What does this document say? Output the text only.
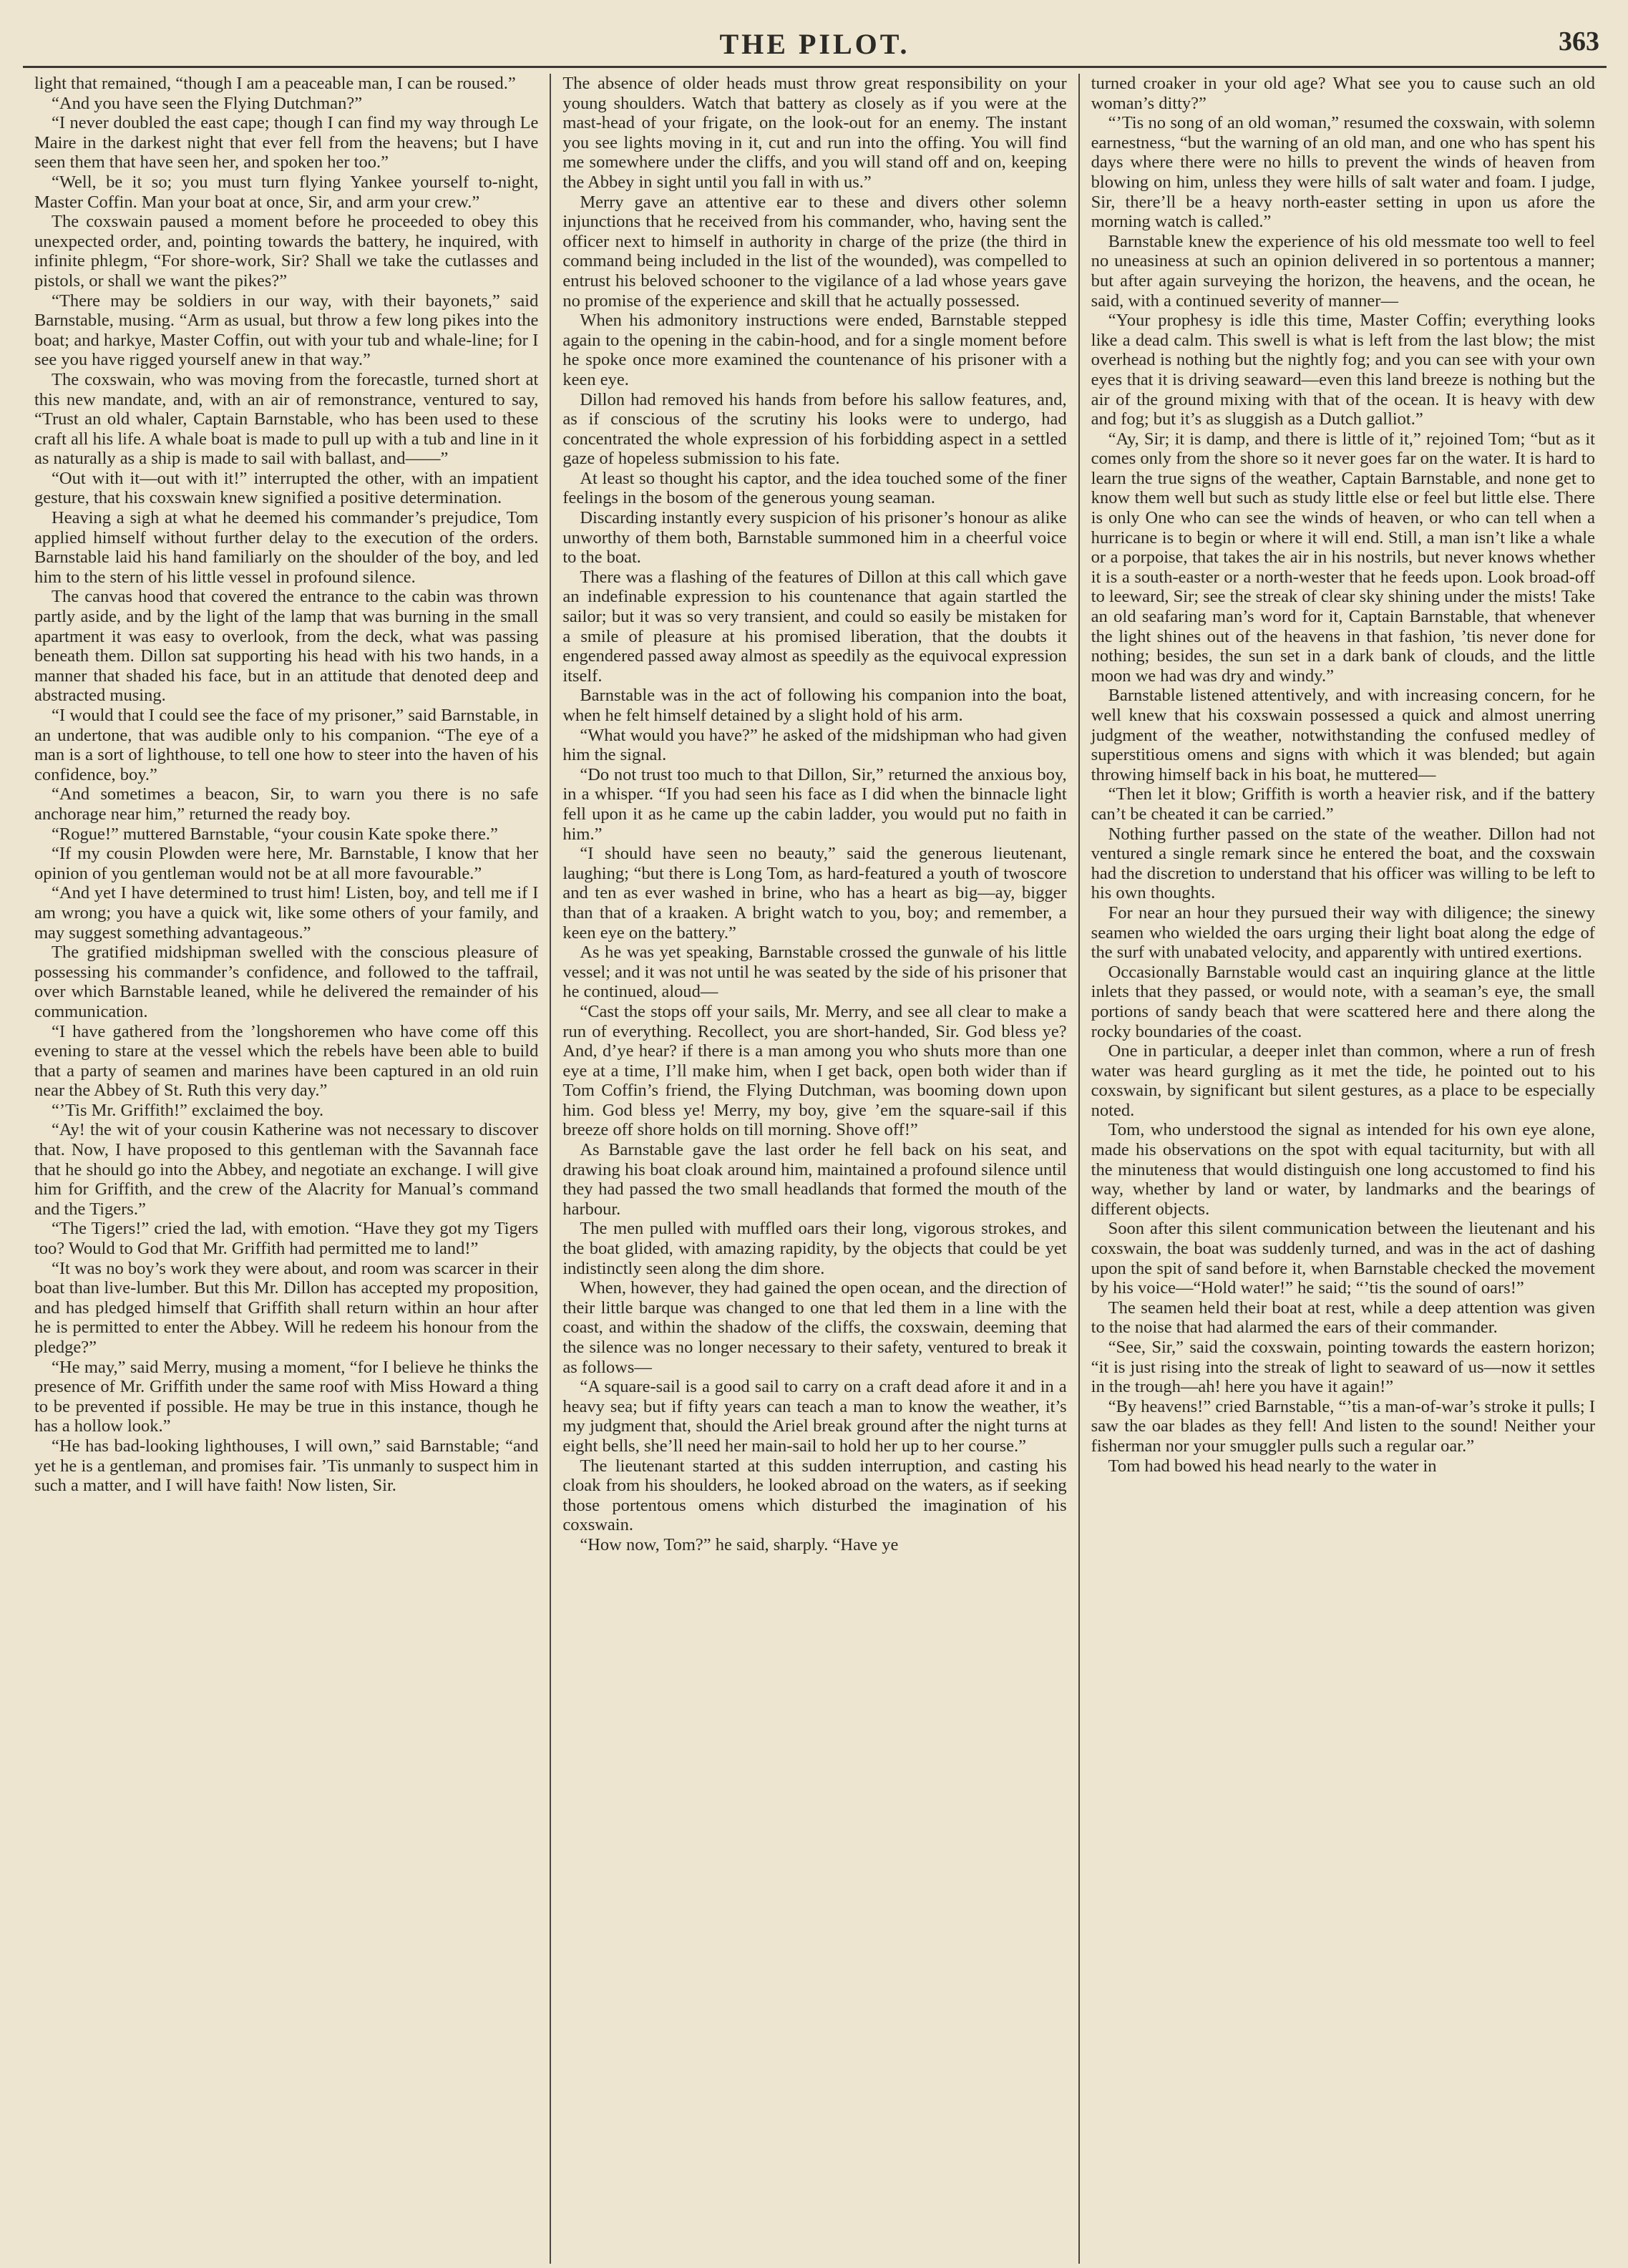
THE PILOT.	363

light that remained, “though I am a peaceable man, I can be roused.”

“And you have seen the Flying Dutchman?”

“I never doubled the east cape; though I can find my way through Le Maire in the darkest night that ever fell from the heavens; but I have seen them that have seen her, and spoken her too.”

“Well, be it so; you must turn flying Yankee yourself to-night, Master Coffin. Man your boat at once, Sir, and arm your crew.”

The coxswain paused a moment before he proceeded to obey this unexpected order, and, pointing towards the battery, he inquired, with infinite phlegm, “For shore-work, Sir? Shall we take the cutlasses and pistols, or shall we want the pikes?”

“There may be soldiers in our way, with their bayonets,” said Barnstable, musing. “Arm as usual, but throw a few long pikes into the boat; and harkye, Master Coffin, out with your tub and whale-line; for I see you have rigged yourself anew in that way.”

The coxswain, who was moving from the forecastle, turned short at this new mandate, and, with an air of remonstrance, ventured to say, “Trust an old whaler, Captain Barnstable, who has been used to these craft all his life. A whale boat is made to pull up with a tub and line in it as naturally as a ship is made to sail with ballast, and——”

“Out with it—out with it!” interrupted the other, with an impatient gesture, that his coxswain knew signified a positive determination.

Heaving a sigh at what he deemed his commander’s prejudice, Tom applied himself without further delay to the execution of the orders. Barnstable laid his hand familiarly on the shoulder of the boy, and led him to the stern of his little vessel in profound silence.

The canvas hood that covered the entrance to the cabin was thrown partly aside, and by the light of the lamp that was burning in the small apartment it was easy to overlook, from the deck, what was passing beneath them. Dillon sat supporting his head with his two hands, in a manner that shaded his face, but in an attitude that denoted deep and abstracted musing.

“I would that I could see the face of my prisoner,” said Barnstable, in an undertone, that was audible only to his companion. “The eye of a man is a sort of lighthouse, to tell one how to steer into the haven of his confidence, boy.”

“And sometimes a beacon, Sir, to warn you there is no safe anchorage near him,” returned the ready boy.

“Rogue!” muttered Barnstable, “your cousin Kate spoke there.”

“If my cousin Plowden were here, Mr. Barnstable, I know that her opinion of you gentleman would not be at all more favourable.”

“And yet I have determined to trust him! Listen, boy, and tell me if I am wrong; you have a quick wit, like some others of your family, and may suggest something advantageous.”

The gratified midshipman swelled with the conscious pleasure of possessing his commander’s confidence, and followed to the taffrail, over which Barnstable leaned, while he delivered the remainder of his communication.

“I have gathered from the ’longshoremen who have come off this evening to stare at the vessel which the rebels have been able to build that a party of seamen and marines have been captured in an old ruin near the Abbey of St. Ruth this very day.”

“’Tis Mr. Griffith!” exclaimed the boy.

“Ay! the wit of your cousin Katherine was not necessary to discover that. Now, I have proposed to this gentleman with the Savannah face that he should go into the Abbey, and negotiate an exchange. I will give him for Griffith, and the crew of the Alacrity for Manual’s command and the Tigers.”

“The Tigers!” cried the lad, with emotion. “Have they got my Tigers too? Would to God that Mr. Griffith had permitted me to land!”

“It was no boy’s work they were about, and room was scarcer in their boat than live-lumber. But this Mr. Dillon has accepted my proposition, and has pledged himself that Griffith shall return within an hour after he is permitted to enter the Abbey. Will he redeem his honour from the pledge?”

“He may,” said Merry, musing a moment, “for I believe he thinks the presence of Mr. Griffith under the same roof with Miss Howard a thing to be prevented if possible. He may be true in this instance, though he has a hollow look.”

“He has bad-looking lighthouses, I will own,” said Barnstable; “and yet he is a gentleman, and promises fair. ’Tis unmanly to suspect him in such a matter, and I will have faith! Now listen, Sir.

The absence of older heads must throw great responsibility on your young shoulders. Watch that battery as closely as if you were at the mast-head of your frigate, on the look-out for an enemy. The instant you see lights moving in it, cut and run into the offing. You will find me somewhere under the cliffs, and you will stand off and on, keeping the Abbey in sight until you fall in with us.”

Merry gave an attentive ear to these and divers other solemn injunctions that he received from his commander, who, having sent the officer next to himself in authority in charge of the prize (the third in command being included in the list of the wounded), was compelled to entrust his beloved schooner to the vigilance of a lad whose years gave no promise of the experience and skill that he actually possessed.

When his admonitory instructions were ended, Barnstable stepped again to the opening in the cabin-hood, and for a single moment before he spoke once more examined the countenance of his prisoner with a keen eye.

Dillon had removed his hands from before his sallow features, and, as if conscious of the scrutiny his looks were to undergo, had concentrated the whole expression of his forbidding aspect in a settled gaze of hopeless submission to his fate.

At least so thought his captor, and the idea touched some of the finer feelings in the bosom of the generous young seaman.

Discarding instantly every suspicion of his prisoner’s honour as alike unworthy of them both, Barnstable summoned him in a cheerful voice to the boat.

There was a flashing of the features of Dillon at this call which gave an indefinable expression to his countenance that again startled the sailor; but it was so very transient, and could so easily be mistaken for a smile of pleasure at his promised liberation, that the doubts it engendered passed away almost as speedily as the equivocal expression itself.

Barnstable was in the act of following his companion into the boat, when he felt himself detained by a slight hold of his arm.

“What would you have?” he asked of the midshipman who had given him the signal.

“Do not trust too much to that Dillon, Sir,” returned the anxious boy, in a whisper. “If you had seen his face as I did when the binnacle light fell upon it as he came up the cabin ladder, you would put no faith in him.”

“I should have seen no beauty,” said the generous lieutenant, laughing; “but there is Long Tom, as hard-featured a youth of twoscore and ten as ever washed in brine, who has a heart as big—ay, bigger than that of a kraaken. A bright watch to you, boy; and remember, a keen eye on the battery.”

As he was yet speaking, Barnstable crossed the gunwale of his little vessel; and it was not until he was seated by the side of his prisoner that he continued, aloud—

“Cast the stops off your sails, Mr. Merry, and see all clear to make a run of everything. Recollect, you are short-handed, Sir. God bless ye? And, d’ye hear? if there is a man among you who shuts more than one eye at a time, I’ll make him, when I get back, open both wider than if Tom Coffin’s friend, the Flying Dutchman, was booming down upon him. God bless ye! Merry, my boy, give ’em the square-sail if this breeze off shore holds on till morning. Shove off!”

As Barnstable gave the last order he fell back on his seat, and drawing his boat cloak around him, maintained a profound silence until they had passed the two small headlands that formed the mouth of the harbour.

The men pulled with muffled oars their long, vigorous strokes, and the boat glided, with amazing rapidity, by the objects that could be yet indistinctly seen along the dim shore.

When, however, they had gained the open ocean, and the direction of their little barque was changed to one that led them in a line with the coast, and within the shadow of the cliffs, the coxswain, deeming that the silence was no longer necessary to their safety, ventured to break it as follows—

“A square-sail is a good sail to carry on a craft dead afore it and in a heavy sea; but if fifty years can teach a man to know the weather, it’s my judgment that, should the Ariel break ground after the night turns at eight bells, she’ll need her main-sail to hold her up to her course.”

The lieutenant started at this sudden interruption, and casting his cloak from his shoulders, he looked abroad on the waters, as if seeking those portentous omens which disturbed the imagination of his coxswain.

“How now, Tom?” he said, sharply. “Have ye

turned croaker in your old age? What see you to cause such an old woman’s ditty?”

“’Tis no song of an old woman,” resumed the coxswain, with solemn earnestness, “but the warning of an old man, and one who has spent his days where there were no hills to prevent the winds of heaven from blowing on him, unless they were hills of salt water and foam. I judge, Sir, there’ll be a heavy north-easter setting in upon us afore the morning watch is called.”

Barnstable knew the experience of his old messmate too well to feel no uneasiness at such an opinion delivered in so portentous a manner; but after again surveying the horizon, the heavens, and the ocean, he said, with a continued severity of manner—

“Your prophesy is idle this time, Master Coffin; everything looks like a dead calm. This swell is what is left from the last blow; the mist overhead is nothing but the nightly fog; and you can see with your own eyes that it is driving seaward—even this land breeze is nothing but the air of the ground mixing with that of the ocean. It is heavy with dew and fog; but it’s as sluggish as a Dutch galliot.”

“Ay, Sir; it is damp, and there is little of it,” rejoined Tom; “but as it comes only from the shore so it never goes far on the water. It is hard to learn the true signs of the weather, Captain Barnstable, and none get to know them well but such as study little else or feel but little else. There is only One who can see the winds of heaven, or who can tell when a hurricane is to begin or where it will end. Still, a man isn’t like a whale or a porpoise, that takes the air in his nostrils, but never knows whether it is a south-easter or a north-wester that he feeds upon. Look broad-off to leeward, Sir; see the streak of clear sky shining under the mists! Take an old seafaring man’s word for it, Captain Barnstable, that whenever the light shines out of the heavens in that fashion, ’tis never done for nothing; besides, the sun set in a dark bank of clouds, and the little moon we had was dry and windy.”

Barnstable listened attentively, and with increasing concern, for he well knew that his coxswain possessed a quick and almost unerring judgment of the weather, notwithstanding the confused medley of superstitious omens and signs with which it was blended; but again throwing himself back in his boat, he muttered—

“Then let it blow; Griffith is worth a heavier risk, and if the battery can’t be cheated it can be carried.”

Nothing further passed on the state of the weather. Dillon had not ventured a single remark since he entered the boat, and the coxswain had the discretion to understand that his officer was willing to be left to his own thoughts.

For near an hour they pursued their way with diligence; the sinewy seamen who wielded the oars urging their light boat along the edge of the surf with unabated velocity, and apparently with untired exertions.

Occasionally Barnstable would cast an inquiring glance at the little inlets that they passed, or would note, with a seaman’s eye, the small portions of sandy beach that were scattered here and there along the rocky boundaries of the coast.

One in particular, a deeper inlet than common, where a run of fresh water was heard gurgling as it met the tide, he pointed out to his coxswain, by significant but silent gestures, as a place to be especially noted.

Tom, who understood the signal as intended for his own eye alone, made his observations on the spot with equal taciturnity, but with all the minuteness that would distinguish one long accustomed to find his way, whether by land or water, by landmarks and the bearings of different objects.

Soon after this silent communication between the lieutenant and his coxswain, the boat was suddenly turned, and was in the act of dashing upon the spit of sand before it, when Barnstable checked the movement by his voice—“Hold water!” he said; “’tis the sound of oars!”

The seamen held their boat at rest, while a deep attention was given to the noise that had alarmed the ears of their commander.

“See, Sir,” said the coxswain, pointing towards the eastern horizon; “it is just rising into the streak of light to seaward of us—now it settles in the trough—ah! here you have it again!”

“By heavens!” cried Barnstable, “’tis a man-of-war’s stroke it pulls; I saw the oar blades as they fell! And listen to the sound! Neither your fisherman nor your smuggler pulls such a regular oar.”

Tom had bowed his head nearly to the water in
